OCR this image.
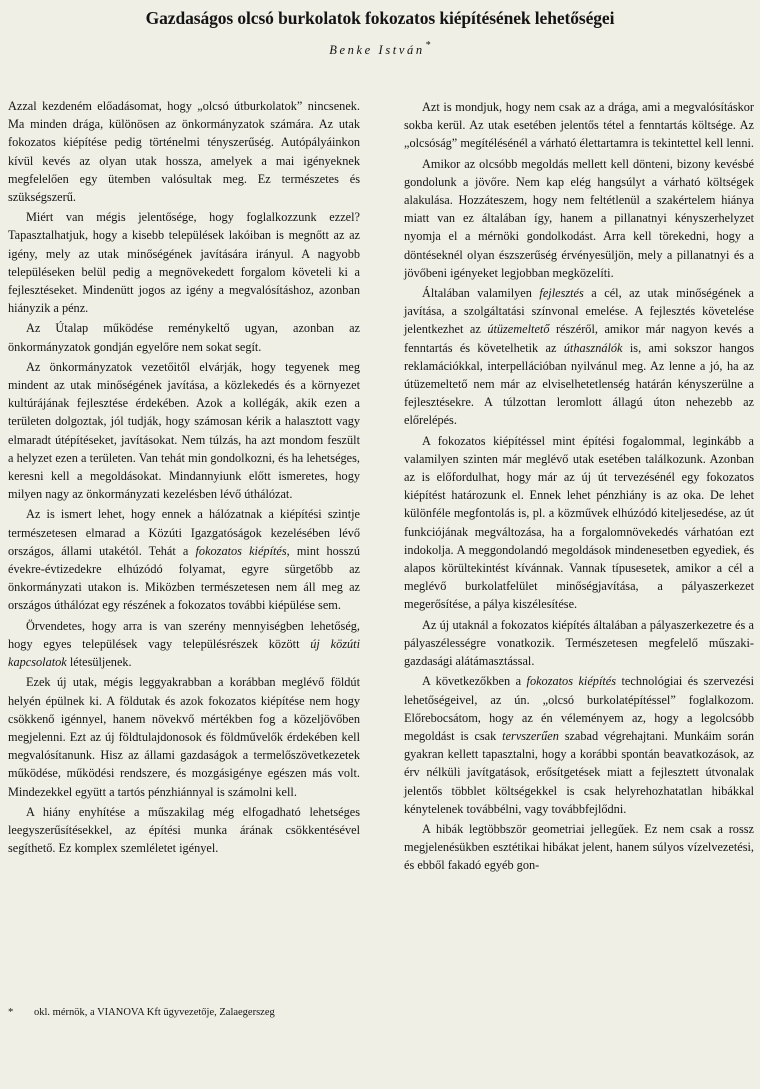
Gazdaságos olcsó burkolatok fokozatos kiépítésének lehetőségei
Benke István*

Azzal kezdeném előadásomat, hogy „olcsó útburkolatok” nincsenek. Ma minden drága, különösen az önkormányzatok számára. Az utak fokozatos kiépítése pedig történelmi tényszerűség. Autópályáinkon kívül kevés az olyan utak hossza, amelyek a mai igényeknek megfelelően egy ütemben valósultak meg. Ez természetes és szükségszerű.

Miért van mégis jelentősége, hogy foglalkozzunk ezzel? Tapasztalhatjuk, hogy a kisebb települések lakóiban is megnőtt az az igény, mely az utak minőségének javítására irányul. A nagyobb településeken belül pedig a megnövekedett forgalom követeli ki a fejlesztéseket. Mindenütt jogos az igény a megvalósításhoz, azonban hiányzik a pénz.

Az Útalap működése reménykeltő ugyan, azonban az önkormányzatok gondján egyelőre nem sokat segít.

Az önkormányzatok vezetőitől elvárják, hogy tegyenek meg mindent az utak minőségének javítása, a közlekedés és a környezet kultúrájának fejlesztése érdekében. Azok a kollégák, akik ezen a területen dolgoztak, jól tudják, hogy számosan kérik a halasztott vagy elmaradt útépítéseket, javításokat. Nem túlzás, ha azt mondom feszült a helyzet ezen a területen. Van tehát min gondolkozni, és ha lehetséges, keresni kell a megoldásokat. Mindannyiunk előtt ismeretes, hogy milyen nagy az önkormányzati kezelésben lévő úthálózat.

Az is ismert lehet, hogy ennek a hálózatnak a kiépítési szintje természetesen elmarad a Közúti Igazgatóságok kezelésében lévő országos, állami utakétól. Tehát a fokozatos kiépítés, mint hosszú évekre-évtizedekre elhúzódó folyamat, egyre sürgetőbb az önkormányzati utakon is. Miközben természetesen nem áll meg az országos úthálózat egy részének a fokozatos további kiépülése sem.

Örvendetes, hogy arra is van szerény mennyiségben lehetőség, hogy egyes települések vagy településrészek között új közúti kapcsolatok létesüljenek.

Ezek új utak, mégis leggyakrabban a korábban meglévő földút helyén épülnek ki. A földutak és azok fokozatos kiépítése nem hogy csökkenő igénnyel, hanem növekvő mértékben fog a közeljövőben megjelenni. Ezt az új földtulajdonosok és földművelők érdekében kell megvalósítanunk. Hisz az állami gazdaságok a termelőszövetkezetek működése, működési rendszere, és mozgásigénye egészen más volt. Mindezekkel együtt a tartós pénzhiánnyal is számolni kell.

A hiány enyhítése a műszakilag még elfogadható lehetséges leegyszerűsítésekkel, az építési munka árának csökkentésével segíthető. Ez komplex szemléletet igényel.

Azt is mondjuk, hogy nem csak az a drága, ami a megvalósításkor sokba kerül. Az utak esetében jelentős tétel a fenntartás költsége. Az „olcsóság” megítélésénél a várható élettartamra is tekintettel kell lenni.

Amikor az olcsóbb megoldás mellett kell dönteni, bizony kevésbé gondolunk a jövőre. Nem kap elég hangsúlyt a várható költségek alakulása. Hozzáteszem, hogy nem feltétlenül a szakértelem hiánya miatt van ez általában így, hanem a pillanatnyi kényszerhelyzet nyomja el a mérnöki gondolkodást. Arra kell törekedni, hogy a döntéseknél olyan észszerűség érvényesüljön, mely a pillanatnyi és a jövőbeni igényeket legjobban megközelíti.

Általában valamilyen fejlesztés a cél, az utak minőségének a javítása, a szolgáltatási színvonal emelése. A fejlesztés követelése jelentkezhet az útüzemeltető részéről, amikor már nagyon kevés a fenntartás és követelhetik az úthasználók is, ami sokszor hangos reklamációkkal, interpellációban nyilvánul meg. Az lenne a jó, ha az útüzemeltető nem már az elviselhetetlenség határán kényszerülne a fejlesztésekre. A túlzottan leromlott állagú úton nehezebb az előrelépés.

A fokozatos kiépítéssel mint építési fogalommal, leginkább a valamilyen szinten már meglévő utak esetében találkozunk. Azonban az is előfordulhat, hogy már az új út tervezésénél egy fokozatos kiépítést határozunk el. Ennek lehet pénzhiány is az oka. De lehet különféle megfontolás is, pl. a közművek elhúzódó kiteljesedése, az út funkciójának megváltozása, ha a forgalomnövekedés várhatóan ezt indokolja. A meggondolandó megoldások mindenesetben egyediek, és alapos körültekintést kívánnak. Vannak típusesetek, amikor a cél a meglévő burkolatfelület minőségjavítása, a pályaszerkezet megerősítése, a pálya kiszélesítése.

Az új utaknál a fokozatos kiépítés általában a pályaszerkezetre és a pályaszélességre vonatkozik. Természetesen megfelelő műszaki- gazdasági alátámasztással.

A következőkben a fokozatos kiépítés technológiai és szervezési lehetőségeivel, az ún. „olcsó burkolatépítéssel” foglalkozom. Előrebocsátom, hogy az én véleményem az, hogy a legolcsóbb megoldást is csak tervszerűen szabad végrehajtani. Munkáim során gyakran kellett tapasztalni, hogy a korábbi spontán beavatkozások, az érv nélküli javítgatások, erősítgetések miatt a fejlesztett útvonalak jelentős többlet költségekkel is csak helyrehozhatatlan hibákkal kénytelenek továbbélni, vagy továbbfejlődni.

A hibák legtöbbször geometriai jellegűek. Ez nem csak a rossz megjelenésükben esztétikai hibákat jelent, hanem súlyos vízelvezetési, és ebből fakadó egyéb gon-

* okl. mérnök, a VIANOVA Kft ügyvezetője, Zalaegerszeg
